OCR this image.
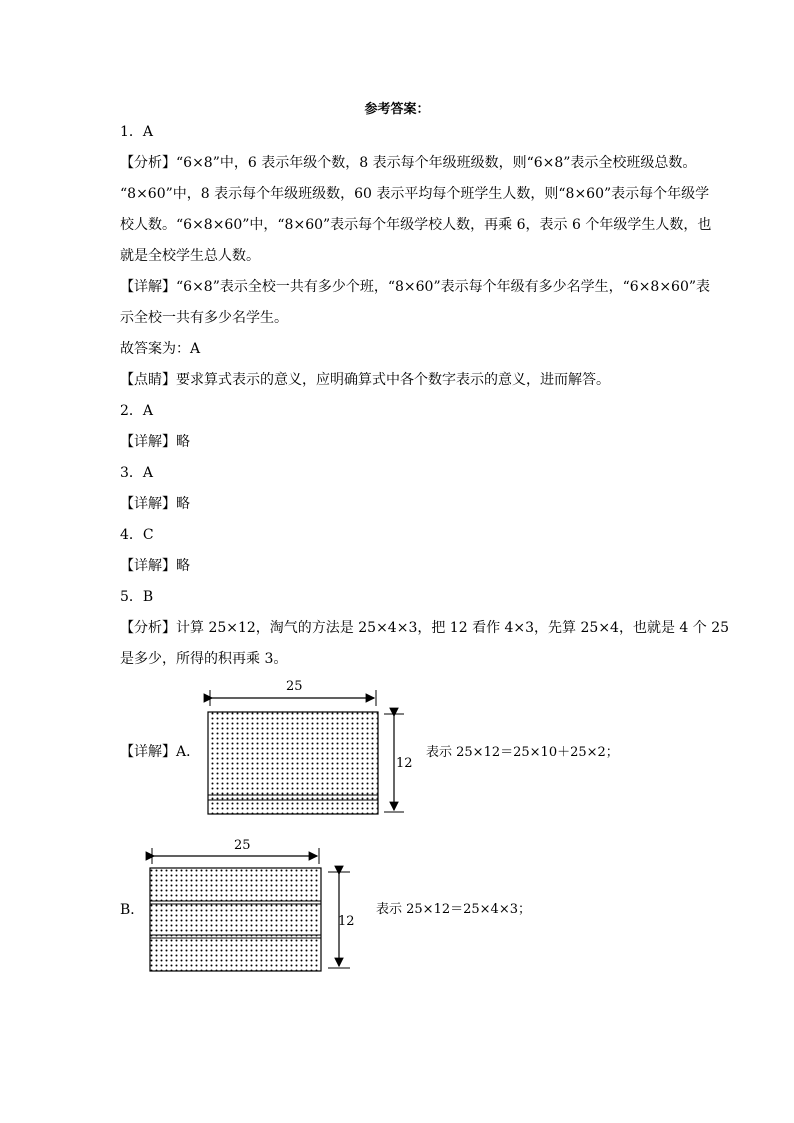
参考答案：
1．A
【分析】“6×8”中，6 表示年级个数，8 表示每个年级班级数，则“6×8”表示全校班级总数。
“8×60”中，8 表示每个年级班级数，60 表示平均每个班学生人数，则“8×60”表示每个年级学
校人数。“6×8×60”中，“8×60”表示每个年级学校人数，再乘 6，表示 6 个年级学生人数，也
就是全校学生总人数。
【详解】“6×8”表示全校一共有多少个班，“8×60”表示每个年级有多少名学生，“6×8×60”表
示全校一共有多少名学生。
故答案为：A
【点睛】要求算式表示的意义，应明确算式中各个数字表示的意义，进而解答。
2．A
【详解】略
3．A
【详解】略
4．C
【详解】略
5．B
【分析】计算 25×12，淘气的方法是 25×4×3，把 12 看作 4×3，先算 25×4，也就是 4 个 25
是多少，所得的积再乘 3。
【详解】A．
25
12
表示 25×12＝25×10＋25×2；
B．
25
12
表示 25×12＝25×4×3；
